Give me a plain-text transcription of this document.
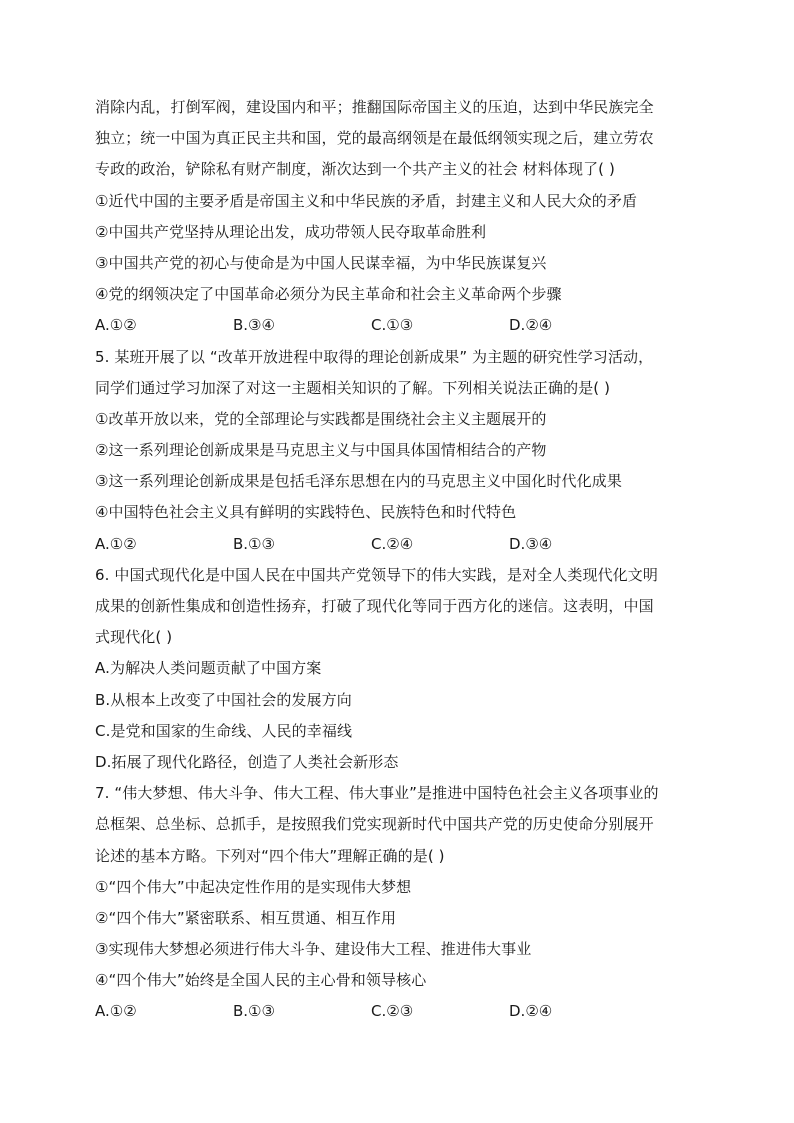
消除内乱，打倒军阀，建设国内和平；推翻国际帝国主义的压迫，达到中华民族完全
独立；统一中国为真正民主共和国，党的最高纲领是在最低纲领实现之后，建立劳农
专政的政治，铲除私有财产制度，渐次达到一个共产主义的社会 材料体现了( )
①近代中国的主要矛盾是帝国主义和中华民族的矛盾，封建主义和人民大众的矛盾
②中国共产党坚持从理论出发，成功带领人民夺取革命胜利
③中国共产党的初心与使命是为中国人民谋幸福，为中华民族谋复兴
④党的纲领决定了中国革命必须分为民主革命和社会主义革命两个步骤
A.①②	B.③④	C.①③	D.②④
5. 某班开展了以 “改革开放进程中取得的理论创新成果” 为主题的研究性学习活动，
同学们通过学习加深了对这一主题相关知识的了解。下列相关说法正确的是( )
①改革开放以来，党的全部理论与实践都是围绕社会主义主题展开的
②这一系列理论创新成果是马克思主义与中国具体国情相结合的产物
③这一系列理论创新成果是包括毛泽东思想在内的马克思主义中国化时代化成果
④中国特色社会主义具有鲜明的实践特色、民族特色和时代特色
A.①②	B.①③	C.②④	D.③④
6. 中国式现代化是中国人民在中国共产党领导下的伟大实践，是对全人类现代化文明
成果的创新性集成和创造性扬弃，打破了现代化等同于西方化的迷信。这表明，中国
式现代化( )
A.为解决人类问题贡献了中国方案
B.从根本上改变了中国社会的发展方向
C.是党和国家的生命线、人民的幸福线
D.拓展了现代化路径，创造了人类社会新形态
7. “伟大梦想、伟大斗争、伟大工程、伟大事业”是推进中国特色社会主义各项事业的
总框架、总坐标、总抓手，是按照我们党实现新时代中国共产党的历史使命分别展开
论述的基本方略。下列对“四个伟大”理解正确的是( )
①“四个伟大”中起决定性作用的是实现伟大梦想
②“四个伟大”紧密联系、相互贯通、相互作用
③实现伟大梦想必须进行伟大斗争、建设伟大工程、推进伟大事业
④“四个伟大”始终是全国人民的主心骨和领导核心
A.①②	B.①③	C.②③	D.②④
